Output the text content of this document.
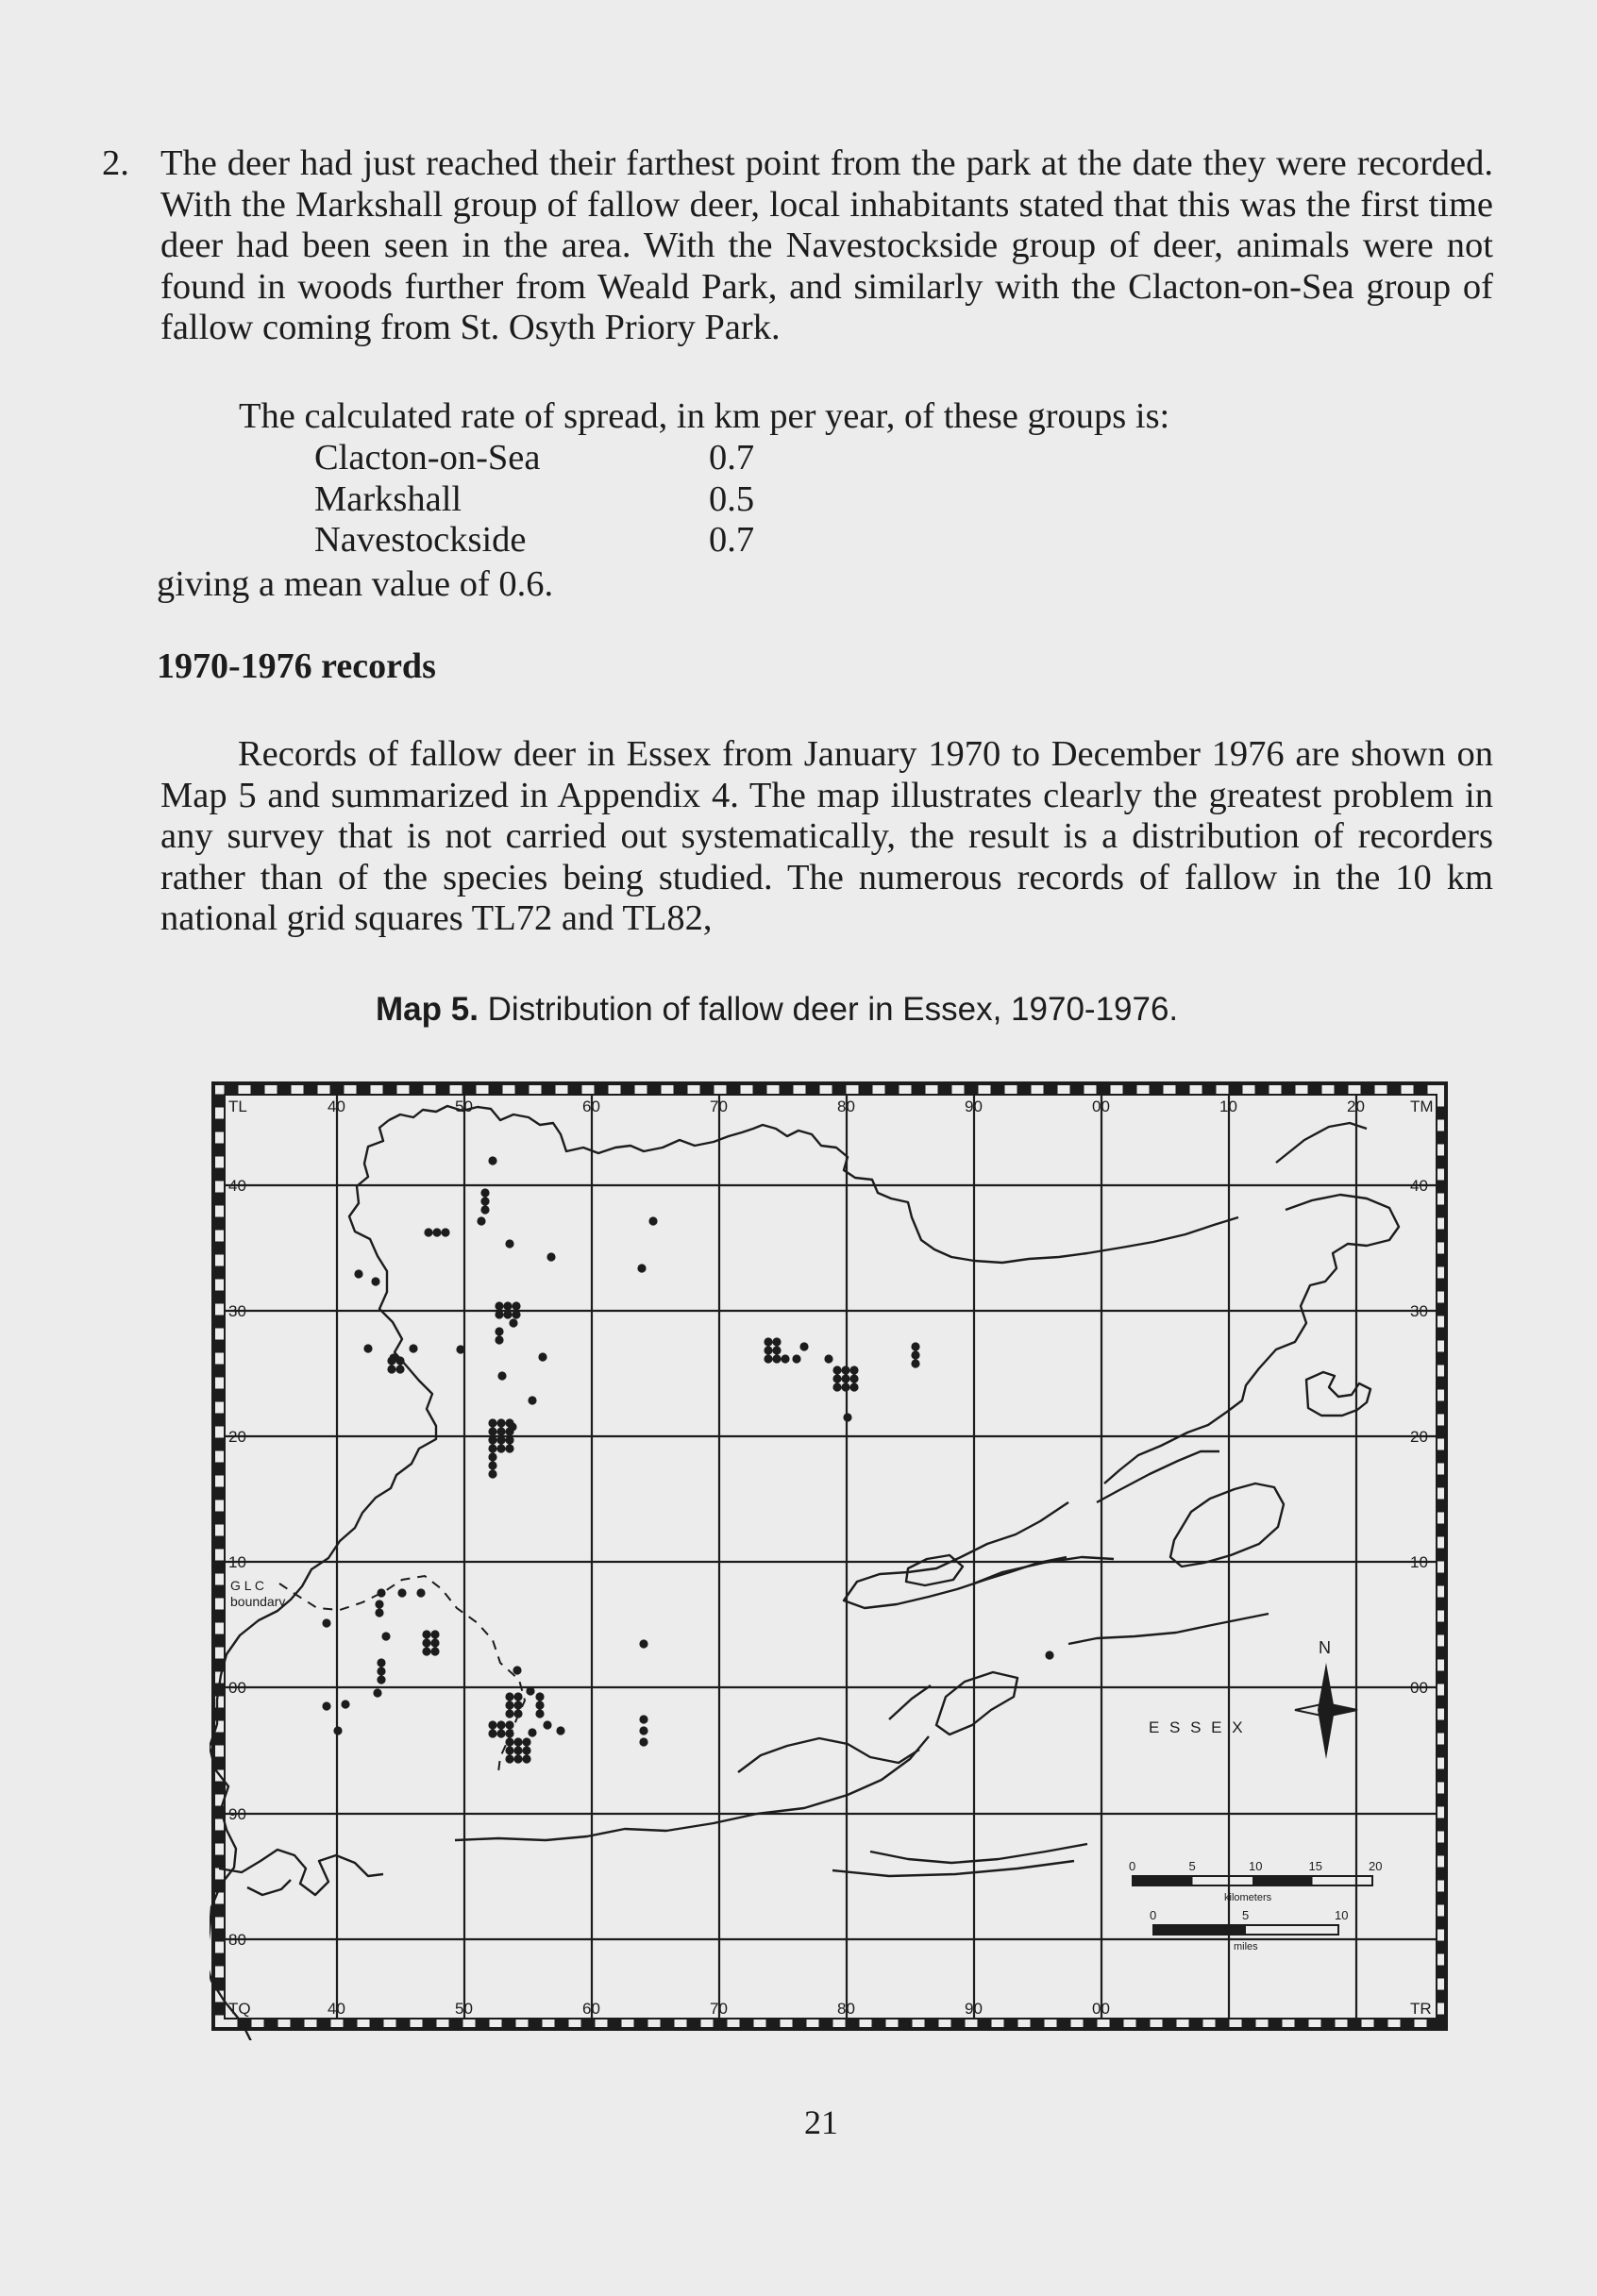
2. The deer had just reached their farthest point from the park at the date they were recorded. With the Markshall group of fallow deer, local inhabitants stated that this was the first time deer had been seen in the area. With the Navestockside group of deer, animals were not found in woods further from Weald Park, and similarly with the Clacton-on-Sea group of fallow coming from St. Osyth Priory Park.

The calculated rate of spread, in km per year, of these groups is:

Clacton-on-Sea	0.7
Markshall	0.5
Navestockside	0.7
giving a mean value of 0.6.
1970-1976 records

Records of fallow deer in Essex from January 1970 to December 1976 are shown on Map 5 and summarized in Appendix 4. The map illustrates clearly the greatest problem in any survey that is not carried out systematically, the result is a distribution of recorders rather than of the species being studied. The numerous records of fallow in the 10 km national grid squares TL72 and TL82,

Map 5. Distribution of fallow deer in Essex, 1970-1976.
TL	TM
TQ	TR
40	50	60	70	80	90	00	10	20
40	50	60	70	80	90	00
40
30
20
10
00
90
80
40
30
20
10
00
G L C
boundary
E S S E X
N
0	5	10	15	20
kilometers
0	5	10
miles
21
